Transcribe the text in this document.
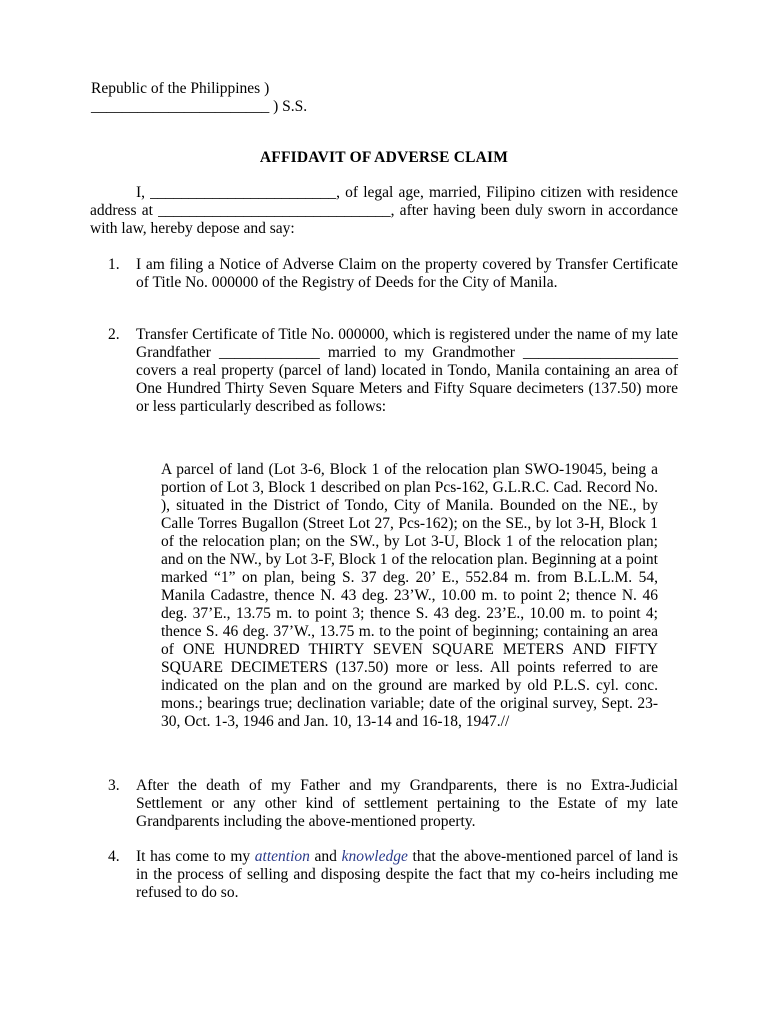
Republic of the Philippines )
_______________________ ) S.S.
AFFIDAVIT OF ADVERSE CLAIM
I, ________________________, of legal age, married, Filipino citizen with residence address at ______________________________, after having been duly sworn in accordance with law, hereby depose and say:
1. I am filing a Notice of Adverse Claim on the property covered by Transfer Certificate of Title No. 000000 of the Registry of Deeds for the City of Manila.
2. Transfer Certificate of Title No. 000000, which is registered under the name of my late Grandfather _____________ married to my Grandmother ____________________ covers a real property (parcel of land) located in Tondo, Manila containing an area of One Hundred Thirty Seven Square Meters and Fifty Square decimeters (137.50) more or less particularly described as follows:
A parcel of land (Lot 3-6, Block 1 of the relocation plan SWO-19045, being a portion of Lot 3, Block 1 described on plan Pcs-162, G.L.R.C. Cad. Record No. ), situated in the District of Tondo, City of Manila. Bounded on the NE., by Calle Torres Bugallon (Street Lot 27, Pcs-162); on the SE., by lot 3-H, Block 1 of the relocation plan; on the SW., by Lot 3-U, Block 1 of the relocation plan; and on the NW., by Lot 3-F, Block 1 of the relocation plan. Beginning at a point marked “1” on plan, being S. 37 deg. 20’ E., 552.84 m. from B.L.L.M. 54, Manila Cadastre, thence N. 43 deg. 23’W., 10.00 m. to point 2; thence N. 46 deg. 37’E., 13.75 m. to point 3; thence S. 43 deg. 23’E., 10.00 m. to point 4; thence S. 46 deg. 37’W., 13.75 m. to the point of beginning; containing an area of ONE HUNDRED THIRTY SEVEN SQUARE METERS AND FIFTY SQUARE DECIMETERS (137.50) more or less. All points referred to are indicated on the plan and on the ground are marked by old P.L.S. cyl. conc. mons.; bearings true; declination variable; date of the original survey, Sept. 23-30, Oct. 1-3, 1946 and Jan. 10, 13-14 and 16-18, 1947.//
3. After the death of my Father and my Grandparents, there is no Extra-Judicial Settlement or any other kind of settlement pertaining to the Estate of my late Grandparents including the above-mentioned property.
4. It has come to my attention and knowledge that the above-mentioned parcel of land is in the process of selling and disposing despite the fact that my co-heirs including me refused to do so.
